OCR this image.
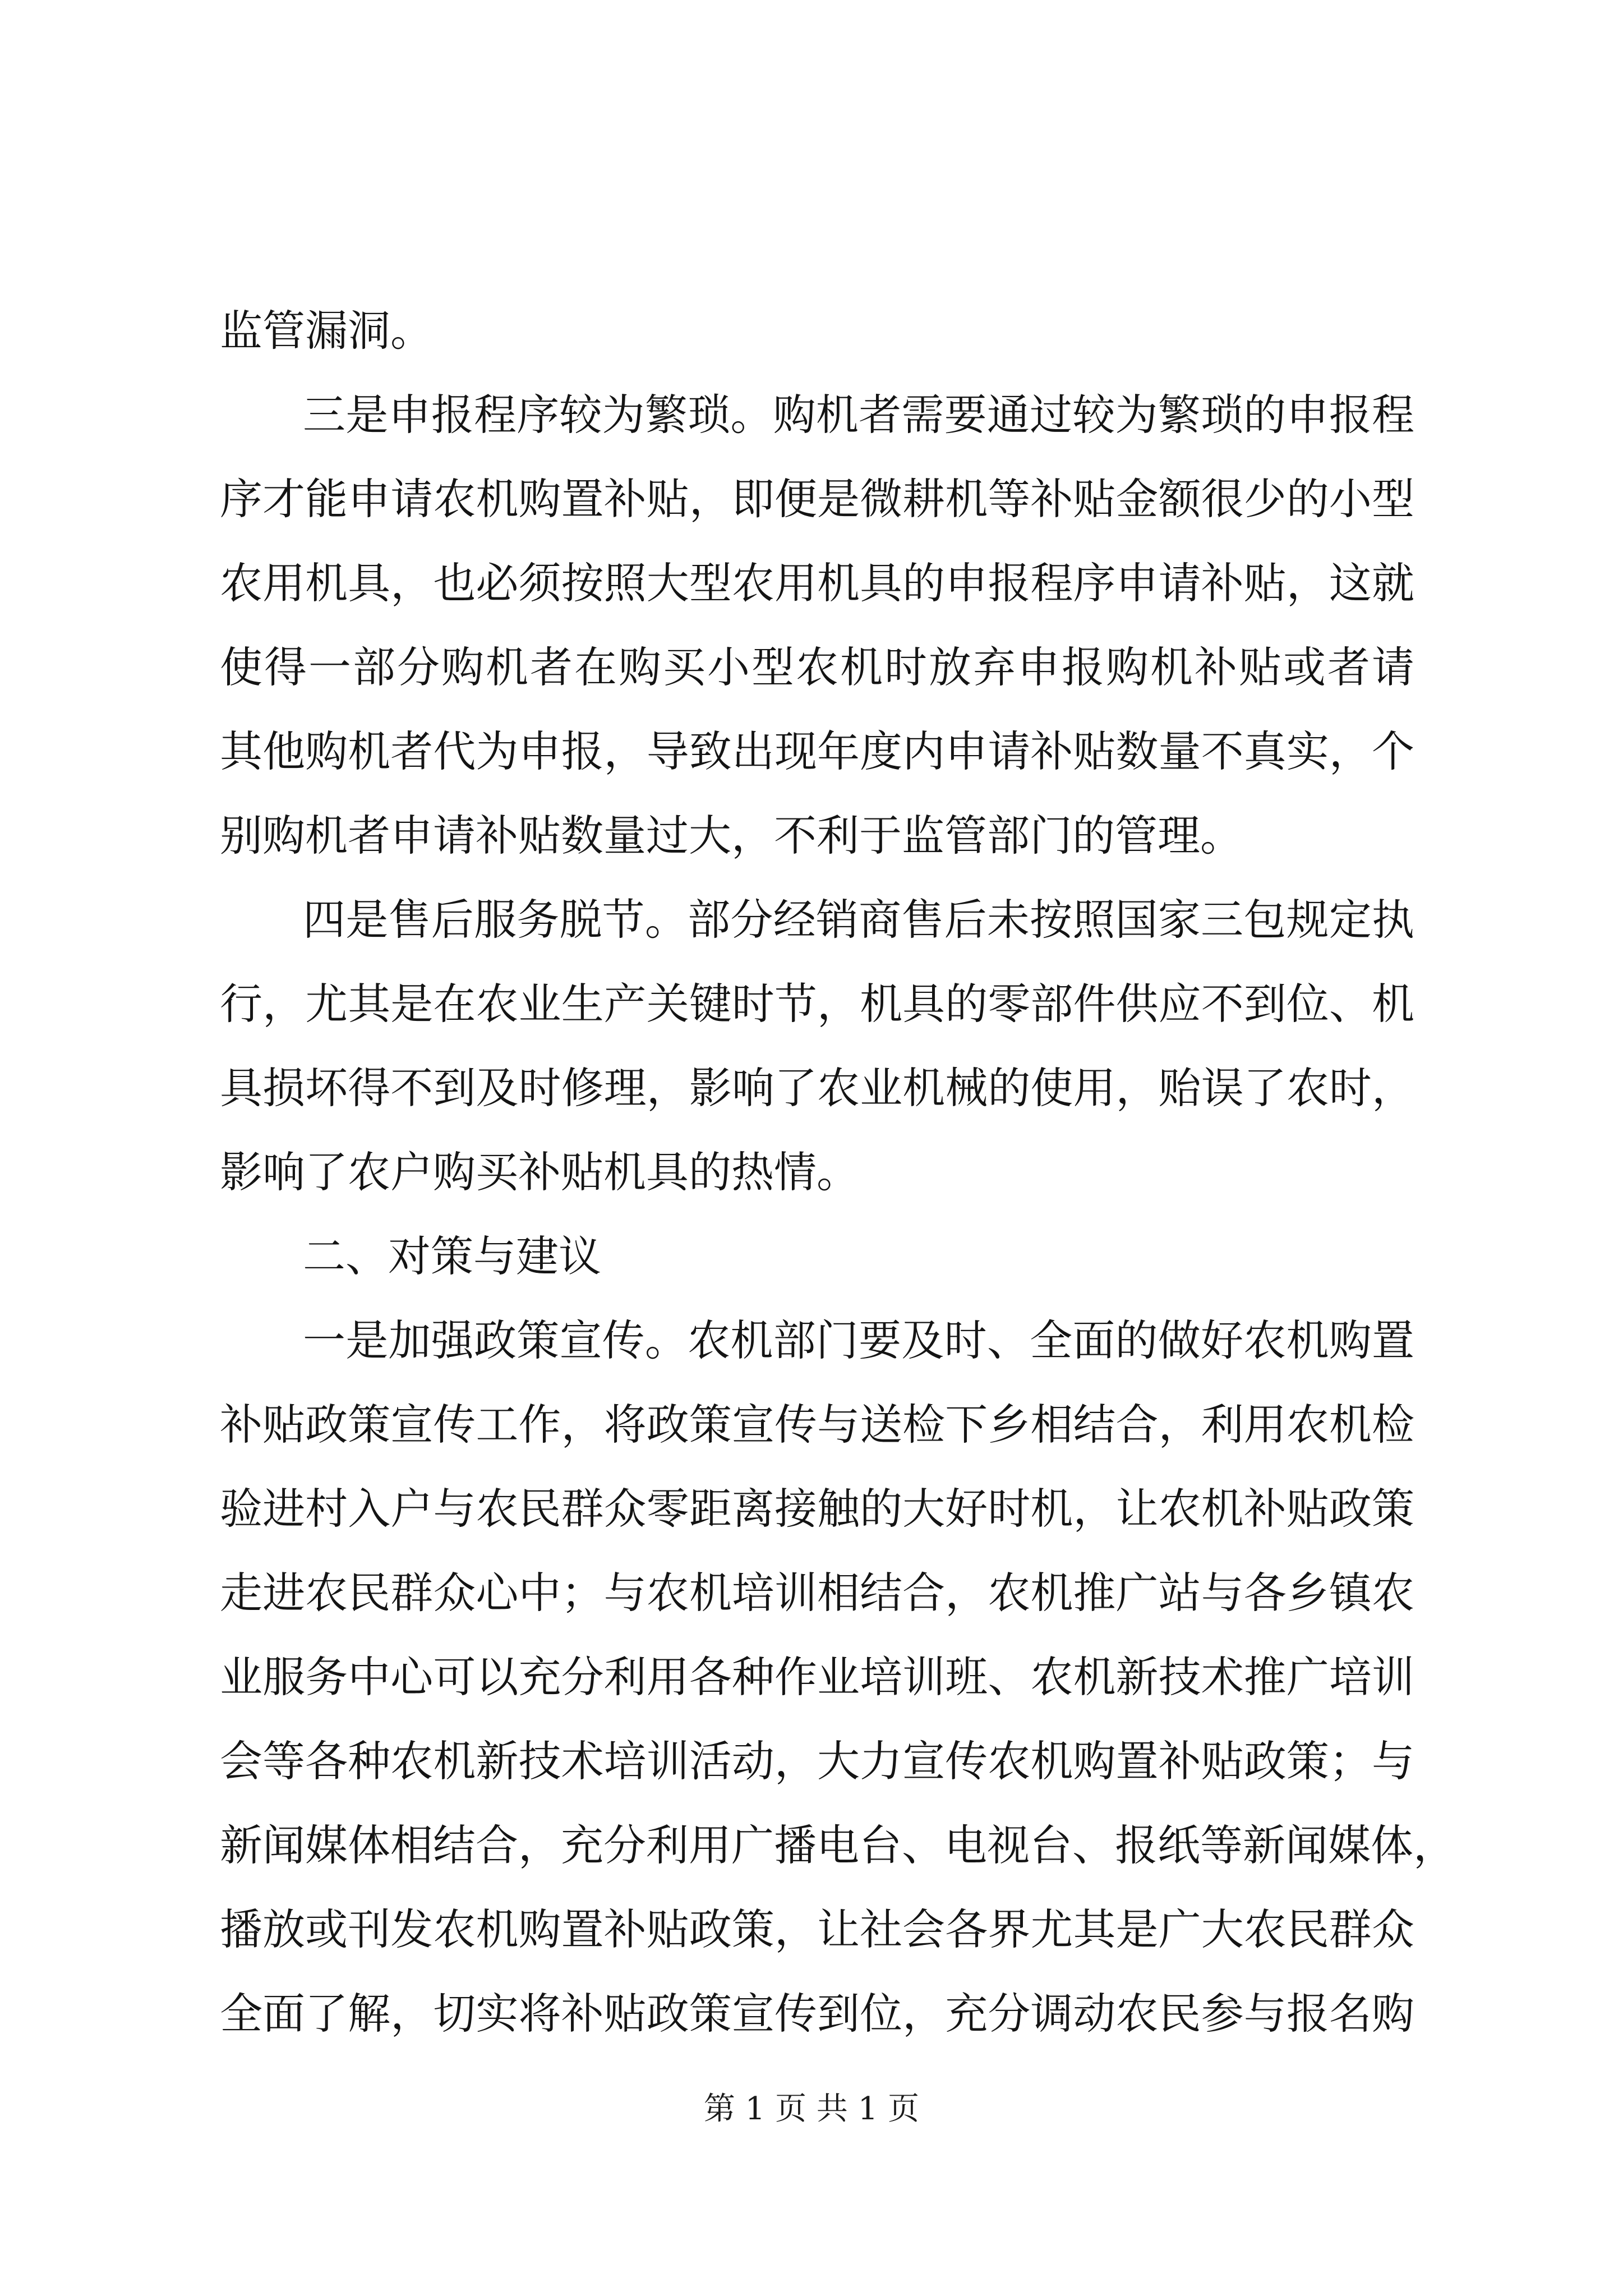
监管漏洞。
三是申报程序较为繁琐。购机者需要通过较为繁琐的申报程
序才能申请农机购置补贴，即便是微耕机等补贴金额很少的小型
农用机具，也必须按照大型农用机具的申报程序申请补贴，这就
使得一部分购机者在购买小型农机时放弃申报购机补贴或者请
其他购机者代为申报，导致出现年度内申请补贴数量不真实，个
别购机者申请补贴数量过大，不利于监管部门的管理。
四是售后服务脱节。部分经销商售后未按照国家三包规定执
行，尤其是在农业生产关键时节，机具的零部件供应不到位、机
具损坏得不到及时修理，影响了农业机械的使用，贻误了农时，
影响了农户购买补贴机具的热情。
二、对策与建议
一是加强政策宣传。农机部门要及时、全面的做好农机购置
补贴政策宣传工作，将政策宣传与送检下乡相结合，利用农机检
验进村入户与农民群众零距离接触的大好时机，让农机补贴政策
走进农民群众心中；与农机培训相结合，农机推广站与各乡镇农
业服务中心可以充分利用各种作业培训班、农机新技术推广培训
会等各种农机新技术培训活动，大力宣传农机购置补贴政策；与
新闻媒体相结合，充分利用广播电台、电视台、报纸等新闻媒体，
播放或刊发农机购置补贴政策，让社会各界尤其是广大农民群众
全面了解，切实将补贴政策宣传到位，充分调动农民参与报名购
第 1 页 共 1 页
